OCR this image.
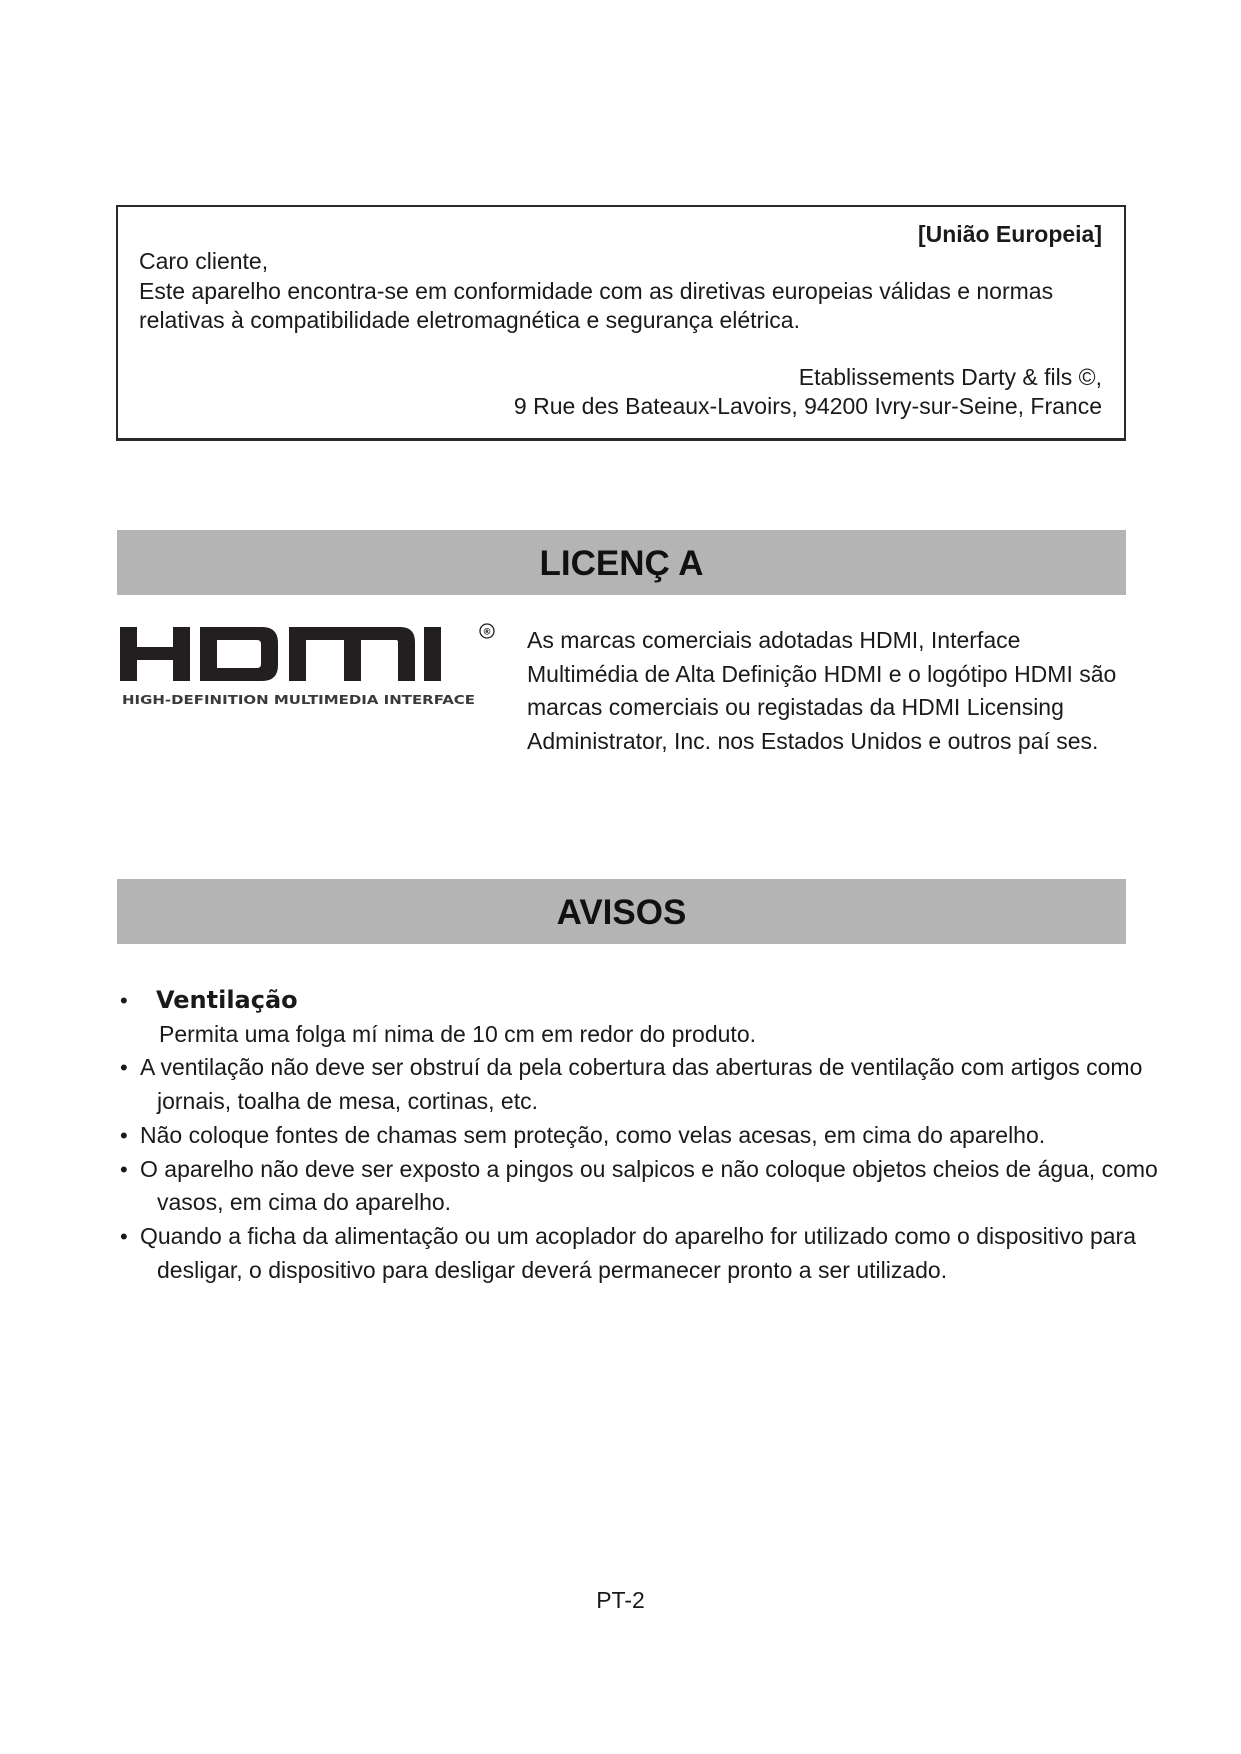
[União Europeia]
Caro cliente,

Este aparelho encontra-se em conformidade com as diretivas europeias válidas e normas relativas à compatibilidade eletromagnética e segurança elétrica.

Etablissements Darty & fils ©,
9 Rue des Bateaux-Lavoirs, 94200 Ivry-sur-Seine, France
LICENÇ A
®
HIGH-DEFINITION MULTIMEDIA INTERFACE

As marcas comerciais adotadas HDMI, Interface Multimédia de Alta Definição HDMI e o logótipo HDMI são marcas comerciais ou registadas da HDMI Licensing Administrator, Inc. nos Estados Unidos e outros paí ses.

AVISOS
•	Ventilação
Permita uma folga mí nima de 10 cm em redor do produto.
• A ventilação não deve ser obstruí da pela cobertura das aberturas de ventilação com artigos como jornais, toalha de mesa, cortinas, etc.
• Não coloque fontes de chamas sem proteção, como velas acesas, em cima do aparelho.
• O aparelho não deve ser exposto a pingos ou salpicos e não coloque objetos cheios de água, como vasos, em cima do aparelho.
• Quando a ficha da alimentação ou um acoplador do aparelho for utilizado como o dispositivo para desligar, o dispositivo para desligar deverá permanecer pronto a ser utilizado.
PT-2
